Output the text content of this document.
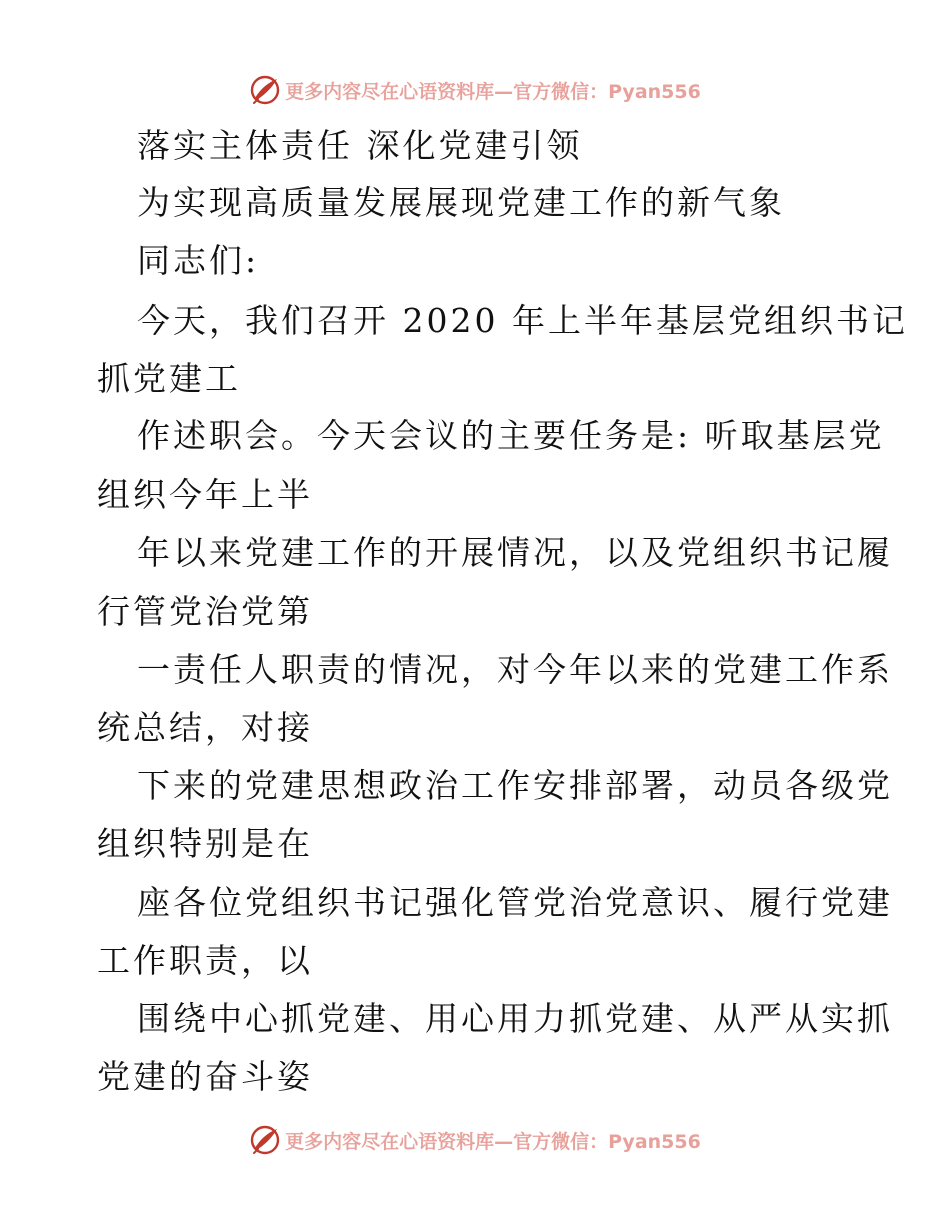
更多内容尽在心语资料库—官方微信：Pyan556
落实主体责任 深化党建引领
为实现高质量发展展现党建工作的新气象
同志们:
今天，我们召开 2020 年上半年基层党组织书记
抓党建工
作述职会。今天会议的主要任务是: 听取基层党
组织今年上半
年以来党建工作的开展情况，以及党组织书记履
行管党治党第
一责任人职责的情况，对今年以来的党建工作系
统总结，对接
下来的党建思想政治工作安排部署，动员各级党
组织特别是在
座各位党组织书记强化管党治党意识、履行党建
工作职责，以
围绕中心抓党建、用心用力抓党建、从严从实抓
党建的奋斗姿
更多内容尽在心语资料库—官方微信：Pyan556
